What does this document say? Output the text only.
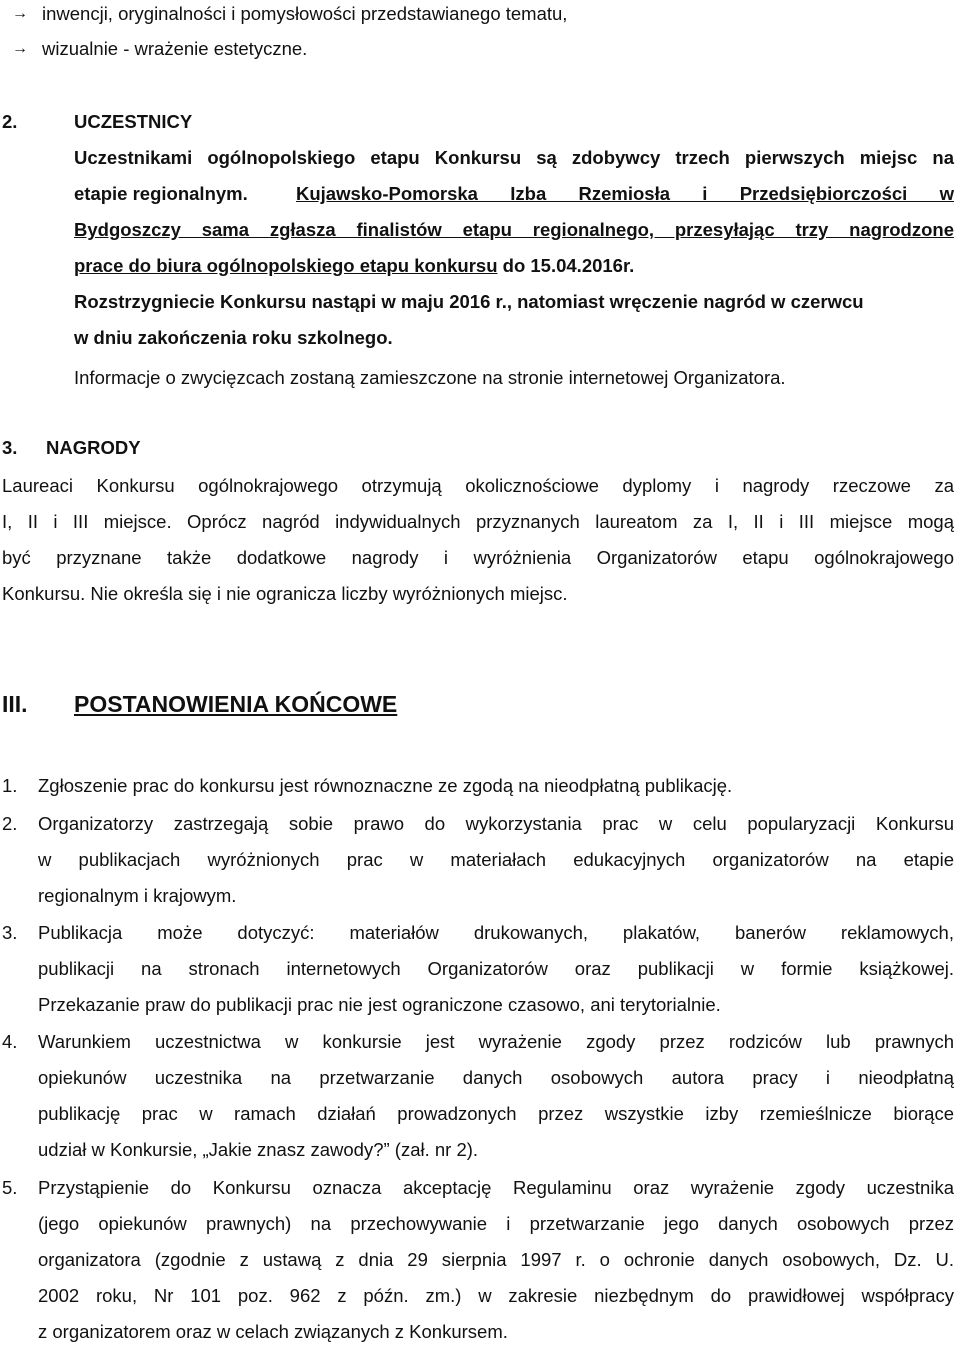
→ inwencji, oryginalności i pomysłowości przedstawianego tematu,
→ wizualnie - wrażenie estetyczne.
2.	UCZESTNICY
Uczestnikami ogólnopolskiego etapu Konkursu są zdobywcy trzech pierwszych miejsc na
etapie regionalnym.	Kujawsko-Pomorska Izba Rzemiosła i Przedsiębiorczości w
Bydgoszczy sama zgłasza finalistów etapu regionalnego, przesyłając trzy nagrodzone
prace do biura ogólnopolskiego etapu konkursu do 15.04.2016r.
Rozstrzygniecie Konkursu nastąpi w maju 2016 r., natomiast wręczenie nagród w czerwcu
w dniu zakończenia roku szkolnego.
Informacje o zwycięzcach zostaną zamieszczone na stronie internetowej Organizatora.
3. NAGRODY
Laureaci Konkursu ogólnokrajowego otrzymują okolicznościowe dyplomy i nagrody rzeczowe za
I, II i III miejsce. Oprócz nagród indywidualnych przyznanych laureatom za I, II i III miejsce mogą
być przyznane także dodatkowe nagrody i wyróżnienia Organizatorów etapu ogólnokrajowego
Konkursu. Nie określa się i nie ogranicza liczby wyróżnionych miejsc.
III. POSTANOWIENIA KOŃCOWE
1. Zgłoszenie prac do konkursu jest równoznaczne ze zgodą na nieodpłatną publikację.
2. Organizatorzy zastrzegają sobie prawo do wykorzystania prac w celu popularyzacji Konkursu
w publikacjach wyróżnionych prac w materiałach edukacyjnych organizatorów na etapie
regionalnym i krajowym.
3. Publikacja może dotyczyć: materiałów drukowanych, plakatów, banerów reklamowych,
publikacji na stronach internetowych Organizatorów oraz publikacji w formie książkowej.
Przekazanie praw do publikacji prac nie jest ograniczone czasowo, ani terytorialnie.
4. Warunkiem uczestnictwa w konkursie jest wyrażenie zgody przez rodziców lub prawnych
opiekunów uczestnika na przetwarzanie danych osobowych autora pracy i nieodpłatną
publikację prac w ramach działań prowadzonych przez wszystkie izby rzemieślnicze biorące
udział w Konkursie, „Jakie znasz zawody?” (zał. nr 2).
5. Przystąpienie do Konkursu oznacza akceptację Regulaminu oraz wyrażenie zgody uczestnika
(jego opiekunów prawnych) na przechowywanie i przetwarzanie jego danych osobowych przez
organizatora (zgodnie z ustawą z dnia 29 sierpnia 1997 r. o ochronie danych osobowych, Dz. U.
2002 roku, Nr 101 poz. 962 z późn. zm.) w zakresie niezbędnym do prawidłowej współpracy
z organizatorem oraz w celach związanych z Konkursem.
